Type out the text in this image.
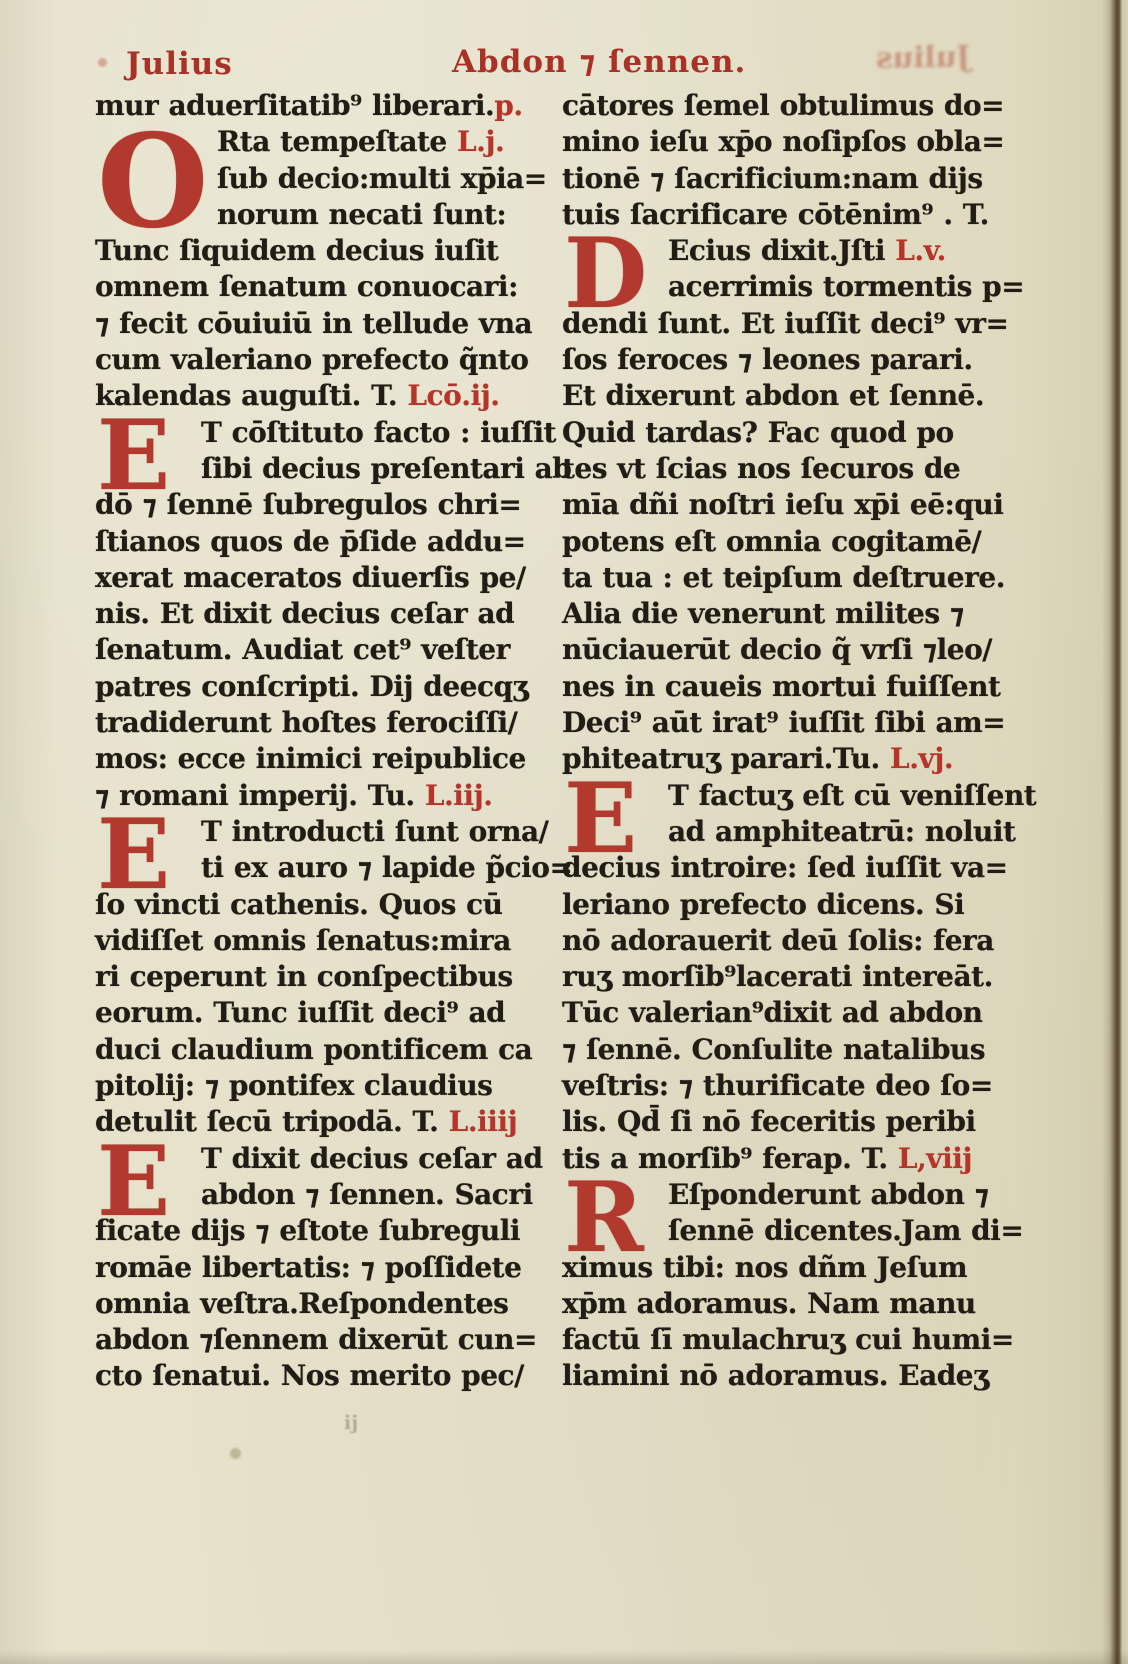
Julius	Abdon ⁊ ſennen.	Julius
mur aduerſitatib⁹ liberari.p.
Rta tempeſtate L.j.
ſub decio:multi xp̄ia=
norum necati ſunt:
Tunc ſiquidem decius iuſit
omnem ſenatum conuocari:
⁊ fecit cōuiuiū in tellude vna
cum valeriano prefecto q̃nto
kalendas auguſti. T. Lcō.ij.
T cōſtituto facto : iuſſit
ſibi decius preſentari ab
dō ⁊ ſennē ſubregulos chri=
ſtianos quos de p̄ſide addu=
xerat maceratos diuerſis pe/
nis. Et dixit decius ceſar ad
ſenatum. Audiat cet⁹ veſter
patres conſcripti. Dij deecqʒ
tradiderunt hoſtes ferociſſi/
mos: ecce inimici reipublice
⁊ romani imperij. Tu. L.iij.
T introducti ſunt orna/
ti ex auro ⁊ lapide p̃cio=
ſo vincti cathenis. Quos cū
vidiſſet omnis ſenatus:mira
ri ceperunt in conſpectibus
eorum. Tunc iuſſit deci⁹ ad
duci claudium pontificem ca
pitolij: ⁊ pontifex claudius
detulit ſecū tripodā. T. L.iiij
T dixit decius ceſar ad
abdon ⁊ ſennen. Sacri
ficate dijs ⁊ eſtote ſubreguli
romāe libertatis: ⁊ poſſidete
omnia veſtra.Reſpondentes
abdon ⁊ſennem dixerūt cun=
cto ſenatui. Nos merito pec/
O
E
E
E
cātores ſemel obtulimus do=
mino ieſu xp̄o noſipſos obla=
tionē ⁊ ſacrificium:nam dijs
tuis ſacrificare cōtēnim⁹ . T.
Ecius dixit.Jſti L.v.
acerrimis tormentis p=
dendi ſunt. Et iuſſit deci⁹ vr=
ſos feroces ⁊ leones parari.
Et dixerunt abdon et ſennē.
Quid tardas? Fac quod po
tes vt ſcias nos ſecuros de
mīa dñi noſtri ieſu xp̄i eē:qui
potens eſt omnia cogitamē/
ta tua : et teipſum deſtruere.
Alia die venerunt milites ⁊
nūciauerūt decio q̃ vrſi ⁊leo/
nes in caueis mortui fuiſſent
Deci⁹ aūt irat⁹ iuſſit ſibi am=
phiteatruʒ parari.Tu. L.vj.
T factuʒ eſt cū veniſſent
ad amphiteatrū: noluit
decius introire: ſed iuſſit va=
leriano prefecto dicens. Si
nō adorauerit deū ſolis: fera
ruʒ morſib⁹lacerati intereāt.
Tūc valerian⁹dixit ad abdon
⁊ ſennē. Conſulite natalibus
veſtris: ⁊ thurificate deo ſo=
lis. Qd̄ ſi nō feceritis peribi
tis a morſib⁹ ferap. T. L,viij
Eſponderunt abdon ⁊
ſennē dicentes.Jam di=
ximus tibi: nos dñm Jeſum
xp̄m adoramus. Nam manu
factū ſī mulachruʒ cui humi=
liamini nō adoramus. Eadeʒ
D
E
R
ij
